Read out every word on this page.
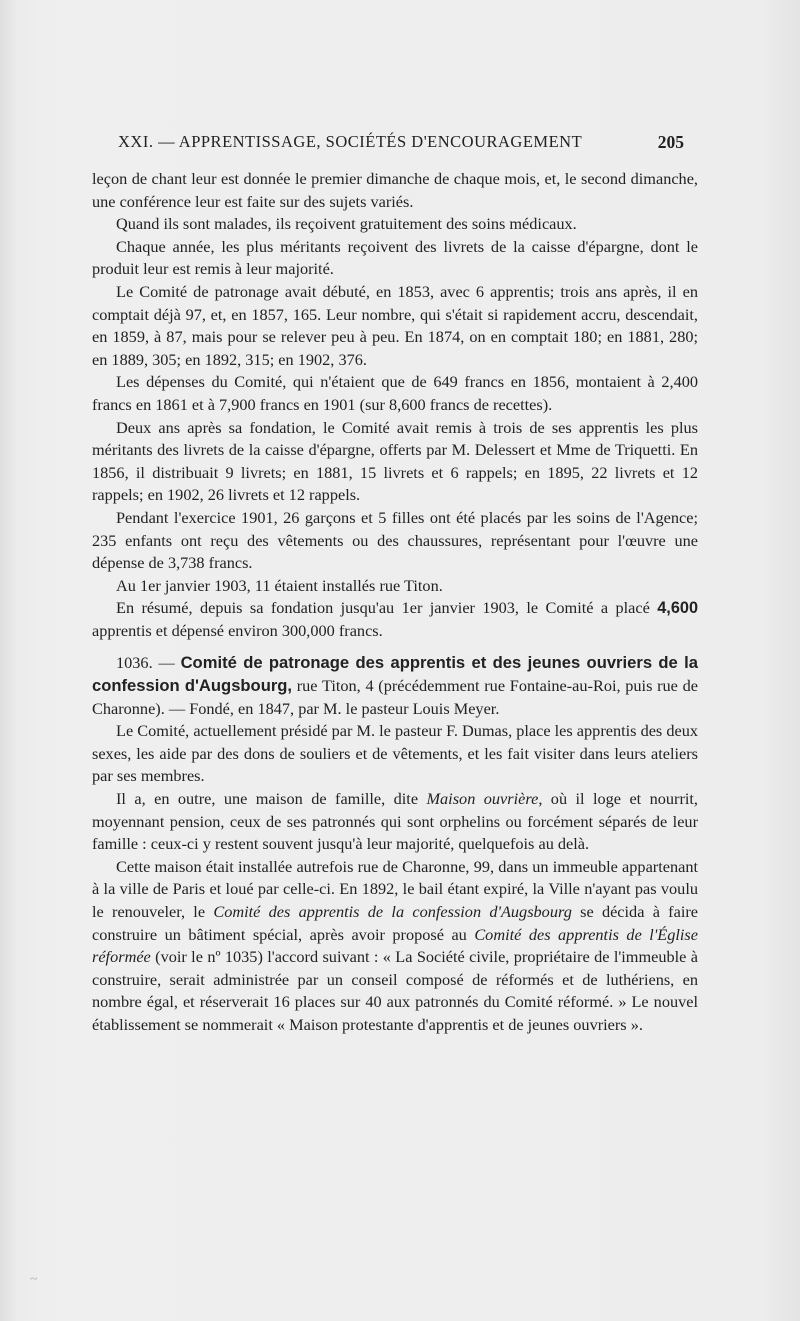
XXI. — APPRENTISSAGE, SOCIÉTÉS D'ENCOURAGEMENT	205

leçon de chant leur est donnée le premier dimanche de chaque mois, et, le second dimanche, une conférence leur est faite sur des sujets variés.

Quand ils sont malades, ils reçoivent gratuitement des soins médicaux.

Chaque année, les plus méritants reçoivent des livrets de la caisse d'épargne, dont le produit leur est remis à leur majorité.

Le Comité de patronage avait débuté, en 1853, avec 6 apprentis; trois ans après, il en comptait déjà 97, et, en 1857, 165. Leur nombre, qui s'était si rapidement accru, descendait, en 1859, à 87, mais pour se relever peu à peu. En 1874, on en comptait 180; en 1881, 280; en 1889, 305; en 1892, 315; en 1902, 376.

Les dépenses du Comité, qui n'étaient que de 649 francs en 1856, montaient à 2,400 francs en 1861 et à 7,900 francs en 1901 (sur 8,600 francs de recettes).

Deux ans après sa fondation, le Comité avait remis à trois de ses apprentis les plus méritants des livrets de la caisse d'épargne, offerts par M. Delessert et Mme de Triquetti. En 1856, il distribuait 9 livrets; en 1881, 15 livrets et 6 rappels; en 1895, 22 livrets et 12 rappels; en 1902, 26 livrets et 12 rappels.

Pendant l'exercice 1901, 26 garçons et 5 filles ont été placés par les soins de l'Agence; 235 enfants ont reçu des vêtements ou des chaussures, représentant pour l'œuvre une dépense de 3,738 francs.

Au 1er janvier 1903, 11 étaient installés rue Titon.

En résumé, depuis sa fondation jusqu'au 1er janvier 1903, le Comité a placé 4,600 apprentis et dépensé environ 300,000 francs.

1036. — Comité de patronage des apprentis et des jeunes ouvriers de la confession d'Augsbourg, rue Titon, 4 (précédemment rue Fontaine-au-Roi, puis rue de Charonne). — Fondé, en 1847, par M. le pasteur Louis Meyer.

Le Comité, actuellement présidé par M. le pasteur F. Dumas, place les apprentis des deux sexes, les aide par des dons de souliers et de vêtements, et les fait visiter dans leurs ateliers par ses membres.

Il a, en outre, une maison de famille, dite Maison ouvrière, où il loge et nourrit, moyennant pension, ceux de ses patronnés qui sont orphelins ou forcément séparés de leur famille : ceux-ci y restent souvent jusqu'à leur majorité, quelquefois au delà.

Cette maison était installée autrefois rue de Charonne, 99, dans un immeuble appartenant à la ville de Paris et loué par celle-ci. En 1892, le bail étant expiré, la Ville n'ayant pas voulu le renouveler, le Comité des apprentis de la confession d'Augsbourg se décida à faire construire un bâtiment spécial, après avoir proposé au Comité des apprentis de l'Église réformée (voir le nº 1035) l'accord suivant : « La Société civile, propriétaire de l'immeuble à construire, serait administrée par un conseil composé de réformés et de luthériens, en nombre égal, et réserverait 16 places sur 40 aux patronnés du Comité réformé. » Le nouvel établissement se nommerait « Maison protestante d'apprentis et de jeunes ouvriers ».

~
